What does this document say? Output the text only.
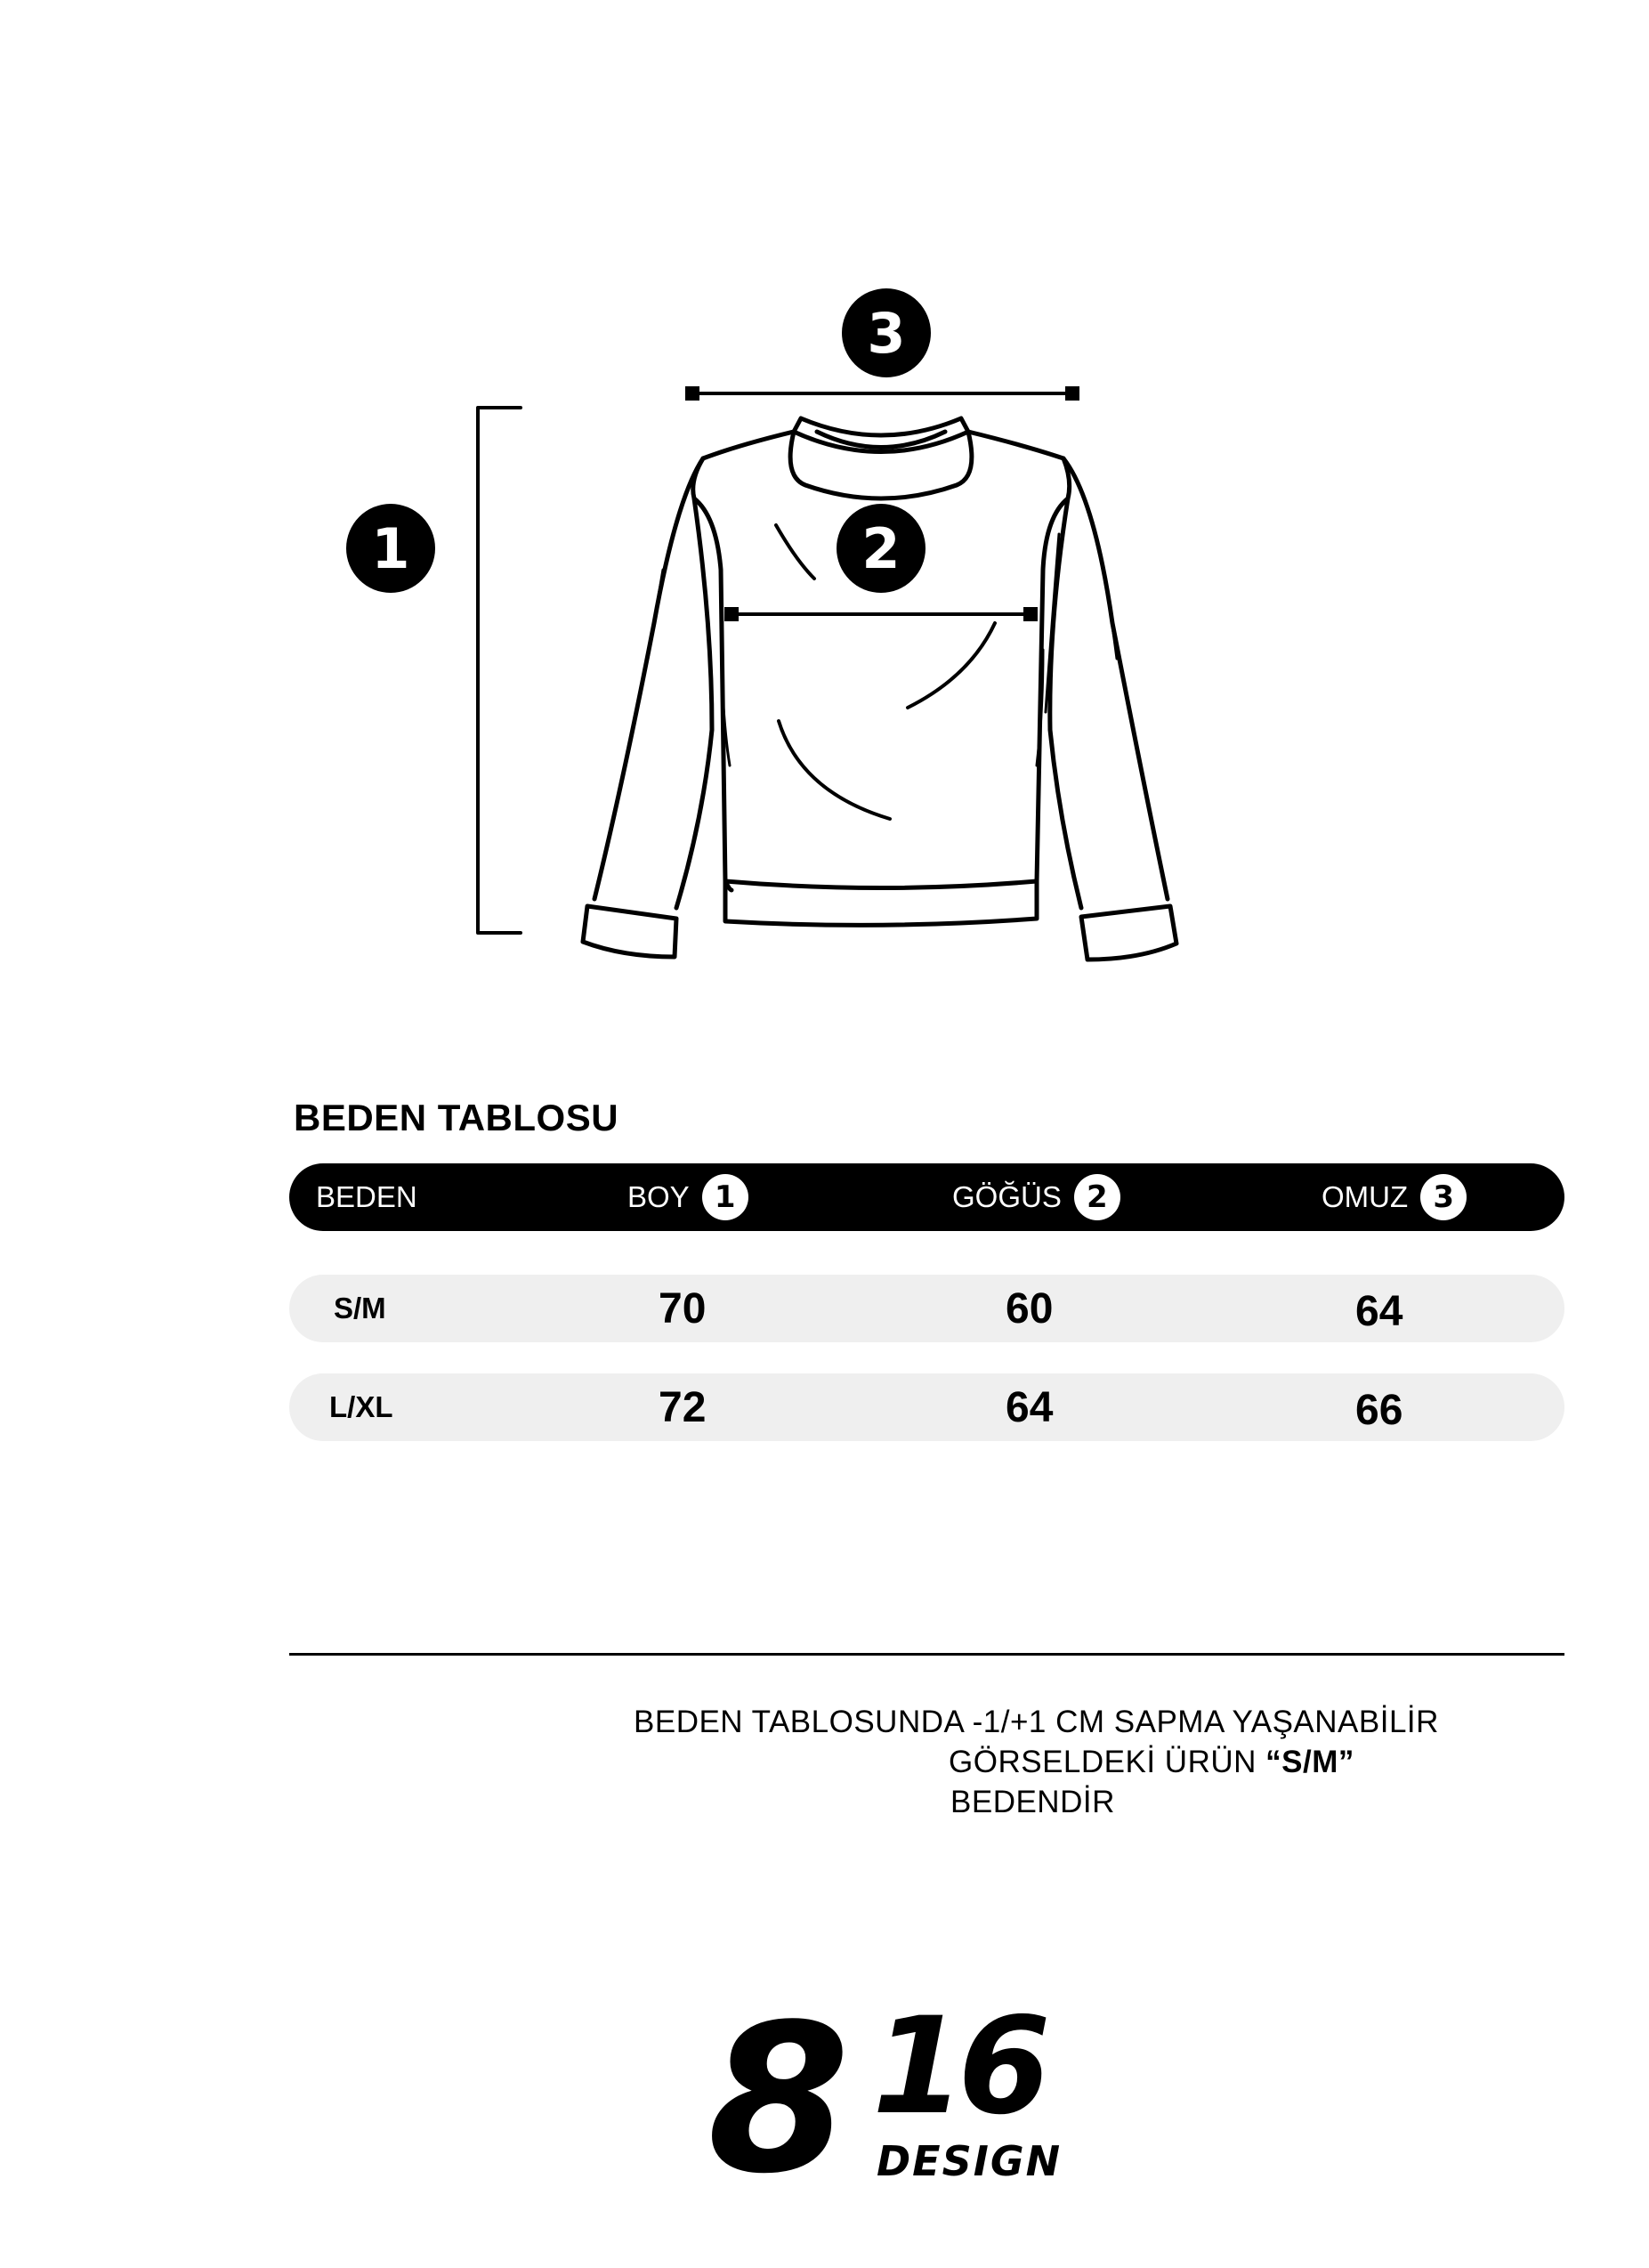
3
1	2
BEDEN TABLOSU
BEDEN	BOY 1	GÖĞÜS 2	OMUZ 3
S/M	70	60	64
L/XL	72	64	66
BEDEN TABLOSUNDA -1/+1 CM SAPMA YAŞANABİLİR
GÖRSELDEKİ ÜRÜN “S/M”
BEDENDİR
8 16
DESIGN
